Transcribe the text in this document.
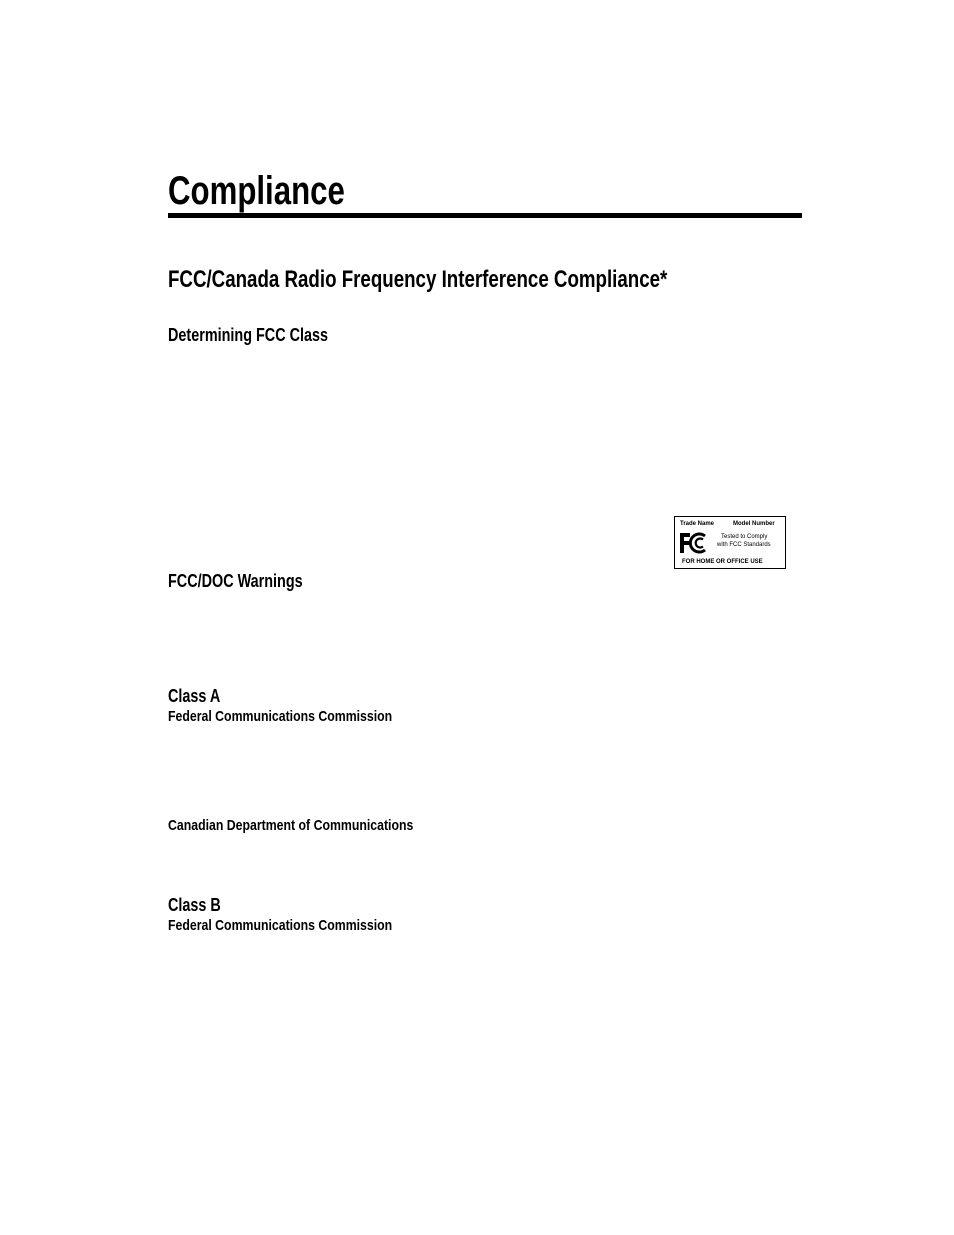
Compliance
FCC/Canada Radio Frequency Interference Compliance*
Determining FCC Class
Trade Name	Model Number
Tested to Comply
with FCC Standards
FOR HOME OR OFFICE USE
FCC/DOC Warnings
Class A
Federal Communications Commission
Canadian Department of Communications
Class B
Federal Communications Commission
